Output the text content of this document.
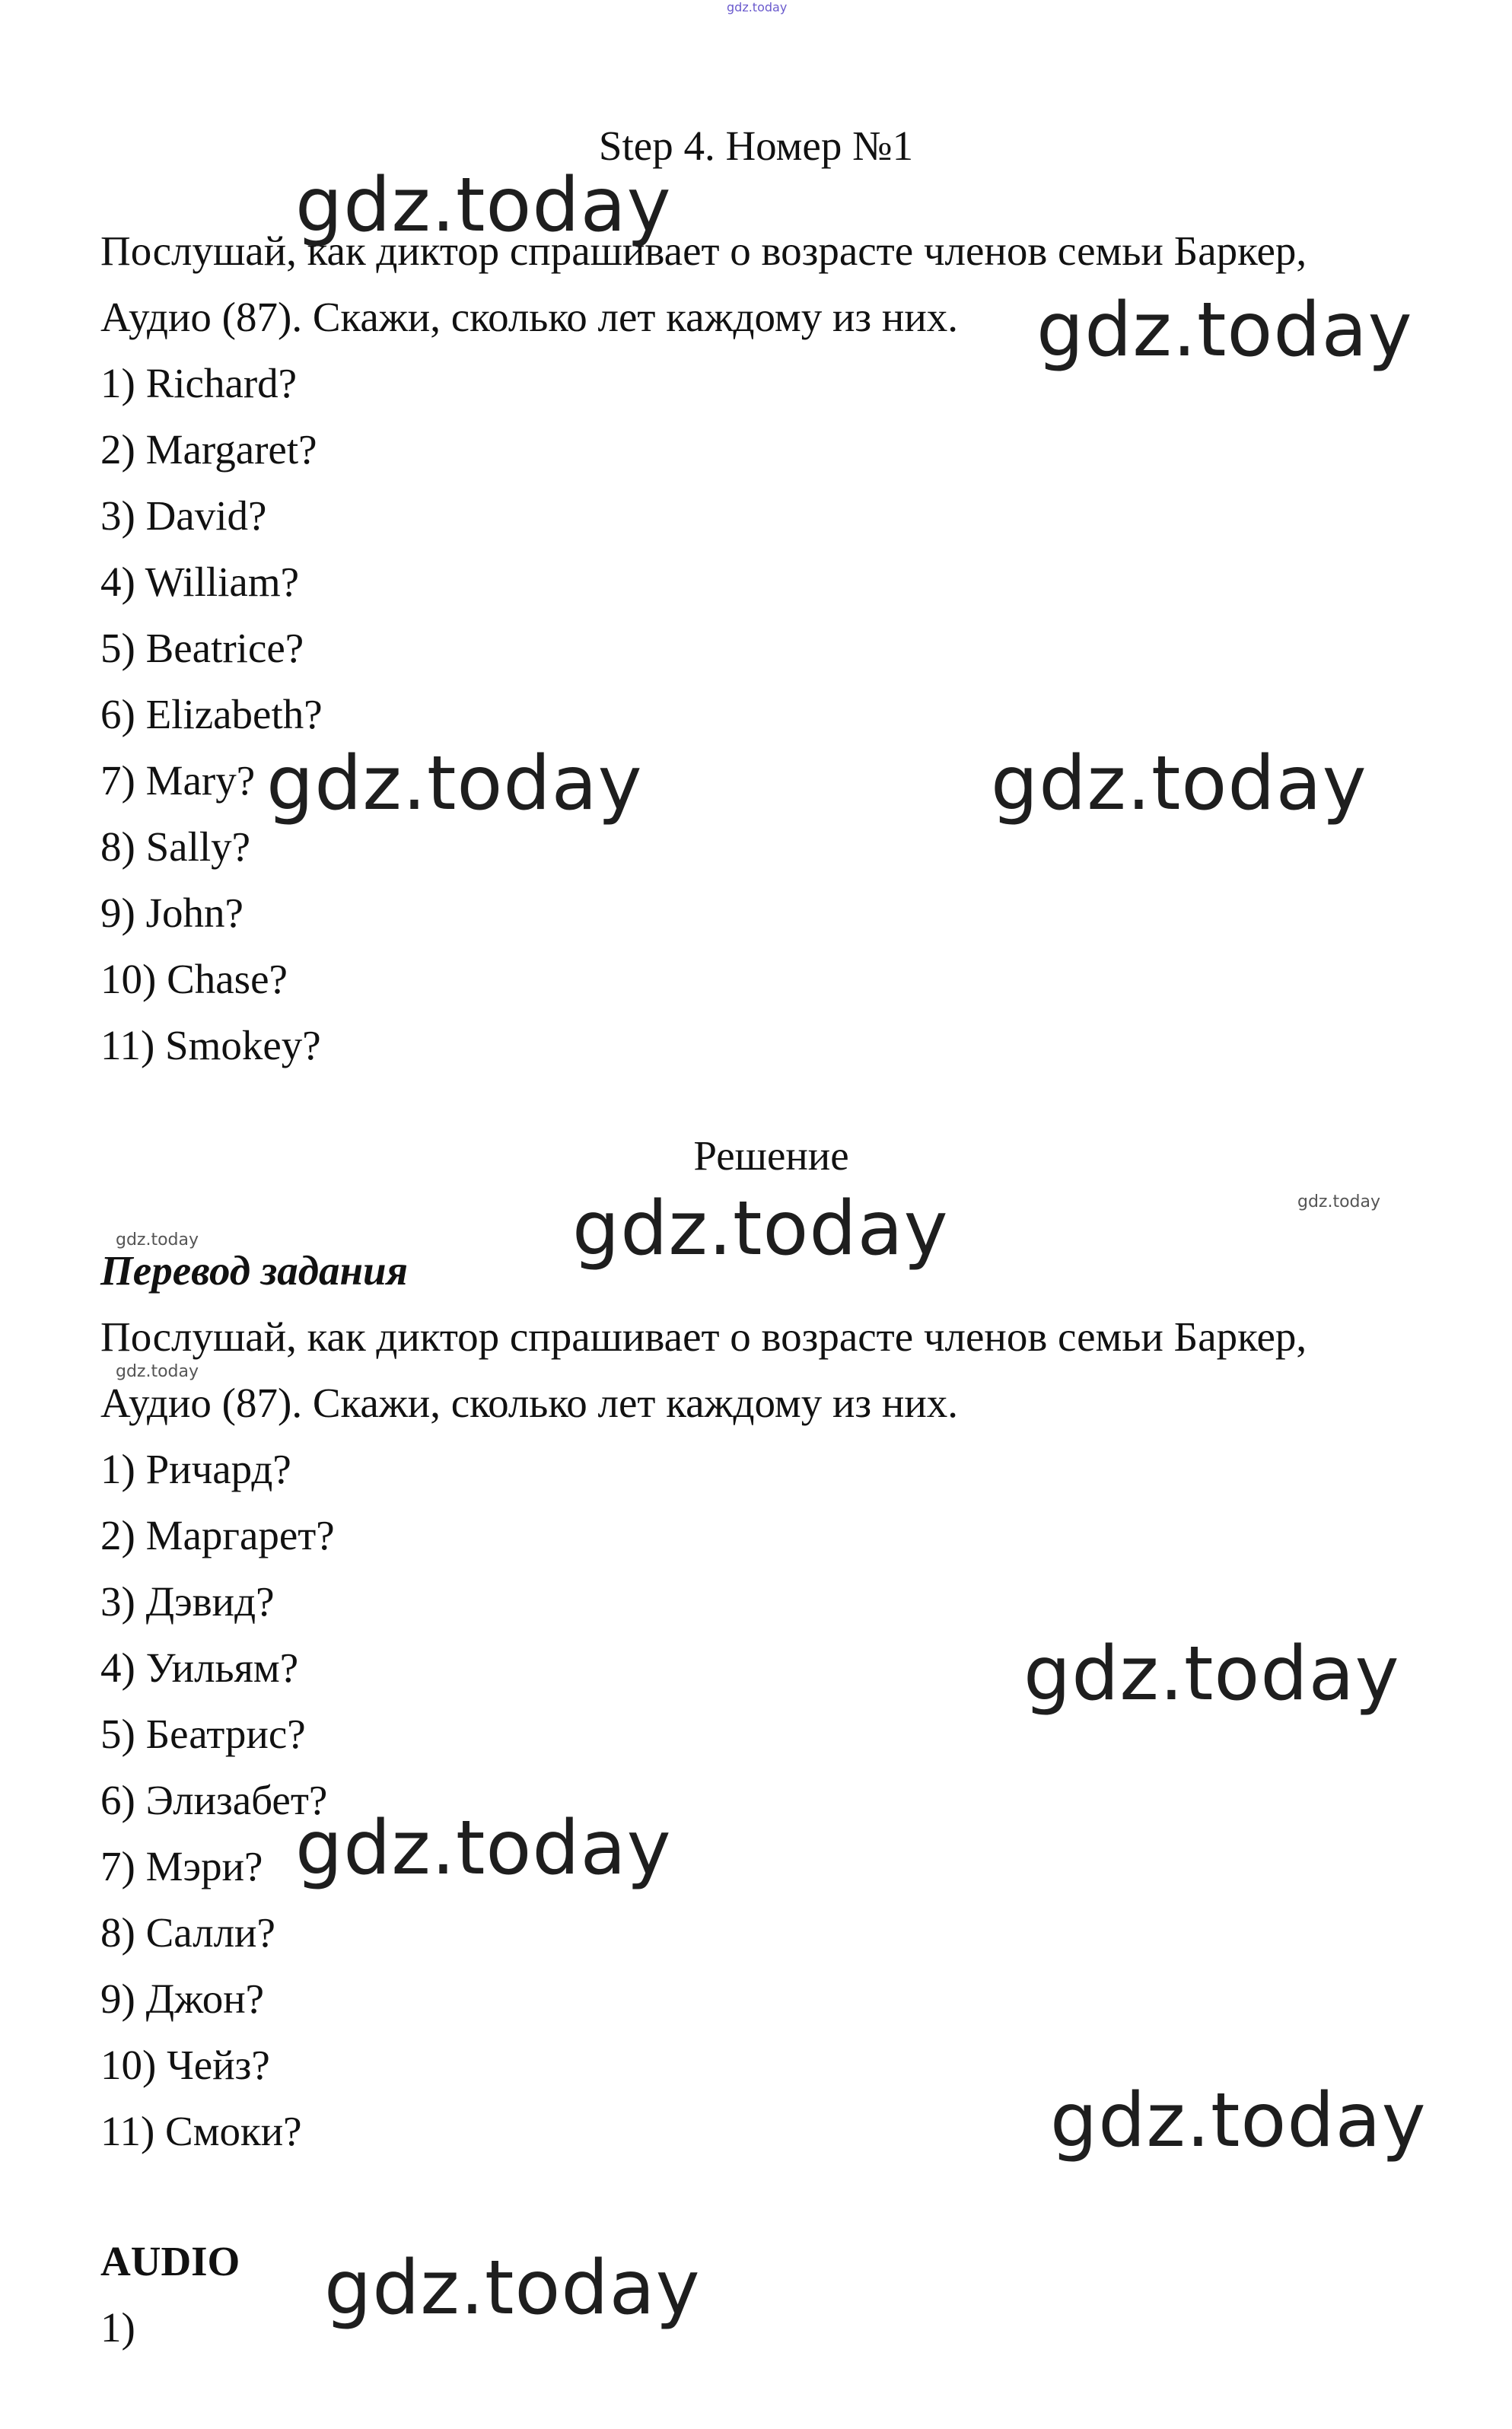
gdz.today
Step 4. Номер №1
Послушай, как диктор спрашивает о возрасте членов семьи Баркер,
Аудио (87). Скажи, сколько лет каждому из них.
1) Richard?
2) Margaret?
3) David?
4) William?
5) Beatrice?
6) Elizabeth?
7) Mary?
8) Sally?
9) John?
10) Chase?
11) Smokey?
Решение
Перевод задания
Послушай, как диктор спрашивает о возрасте членов семьи Баркер,
Аудио (87). Скажи, сколько лет каждому из них.
1) Ричард?
2) Маргарет?
3) Дэвид?
4) Уильям?
5) Беатрис?
6) Элизабет?
7) Мэри?
8) Салли?
9) Джон?
10) Чейз?
11) Смоки?
AUDIO
1)
gdz.today
gdz.today
gdz.today	gdz.today
gdz.today
gdz.today
gdz.today
gdz.today
gdz.today
gdz.today
gdz.today
gdz.today
